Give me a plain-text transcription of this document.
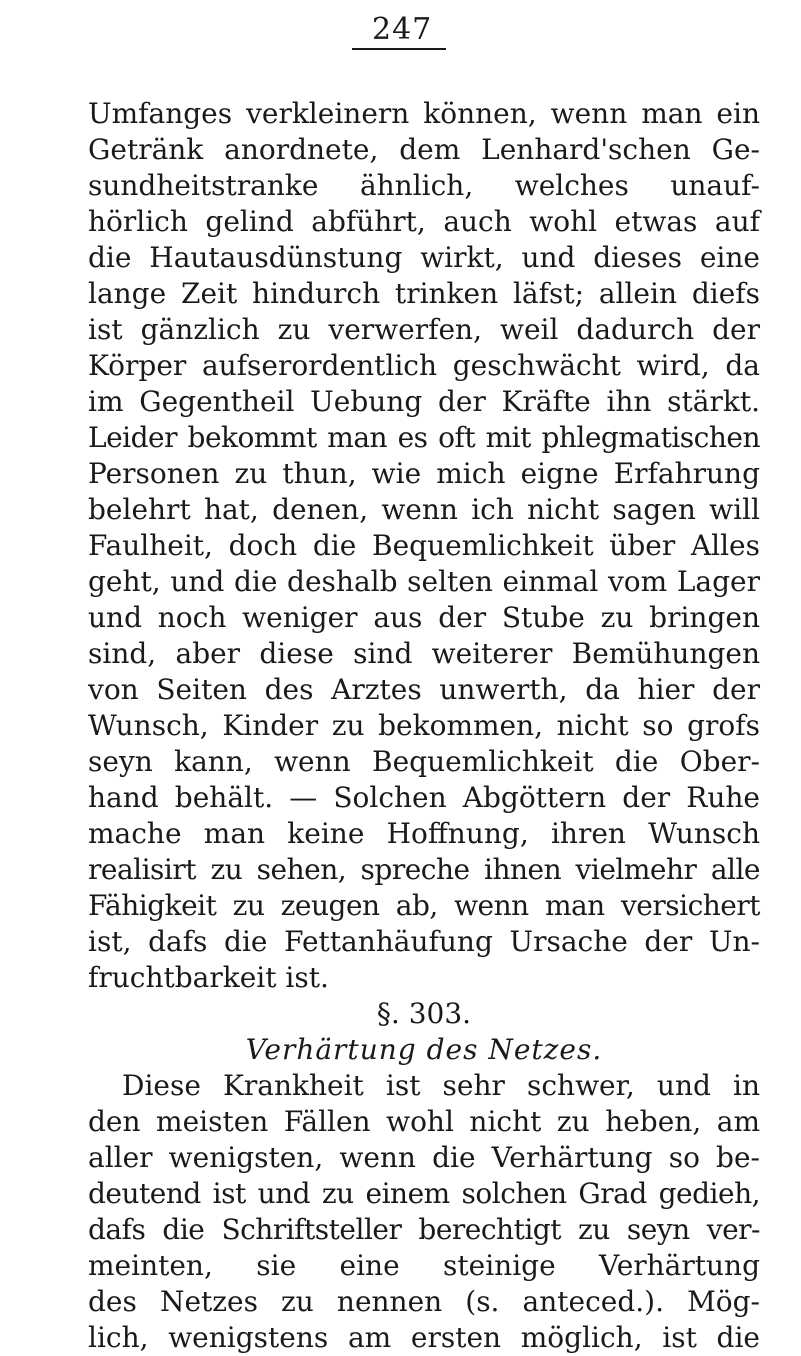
247
Umfanges verkleinern können, wenn man ein
Getränk anordnete, dem Lenhard'schen Ge-
sundheitstranke ähnlich, welches unauf-
hörlich gelind abführt, auch wohl etwas auf
die Hautausdünstung wirkt, und dieses eine
lange Zeit hindurch trinken läfst; allein diefs
ist gänzlich zu verwerfen, weil dadurch der
Körper aufserordentlich geschwächt wird, da
im Gegentheil Uebung der Kräfte ihn stärkt.
Leider bekommt man es oft mit phlegmatischen
Personen zu thun, wie mich eigne Erfahrung
belehrt hat, denen, wenn ich nicht sagen will
Faulheit, doch die Bequemlichkeit über Alles
geht, und die deshalb selten einmal vom Lager
und noch weniger aus der Stube zu bringen
sind, aber diese sind weiterer Bemühungen
von Seiten des Arztes unwerth, da hier der
Wunsch, Kinder zu bekommen, nicht so grofs
seyn kann, wenn Bequemlichkeit die Ober-
hand behält. — Solchen Abgöttern der Ruhe
mache man keine Hoffnung, ihren Wunsch
realisirt zu sehen, spreche ihnen vielmehr alle
Fähigkeit zu zeugen ab, wenn man versichert
ist, dafs die Fettanhäufung Ursache der Un-
fruchtbarkeit ist.
§. 303.
Verhärtung des Netzes.
Diese Krankheit ist sehr schwer, und in
den meisten Fällen wohl nicht zu heben, am
aller wenigsten, wenn die Verhärtung so be-
deutend ist und zu einem solchen Grad gedieh,
dafs die Schriftsteller berechtigt zu seyn ver-
meinten, sie eine steinige Verhärtung
des Netzes zu nennen (s. anteced.). Mög-
lich, wenigstens am ersten möglich, ist die
